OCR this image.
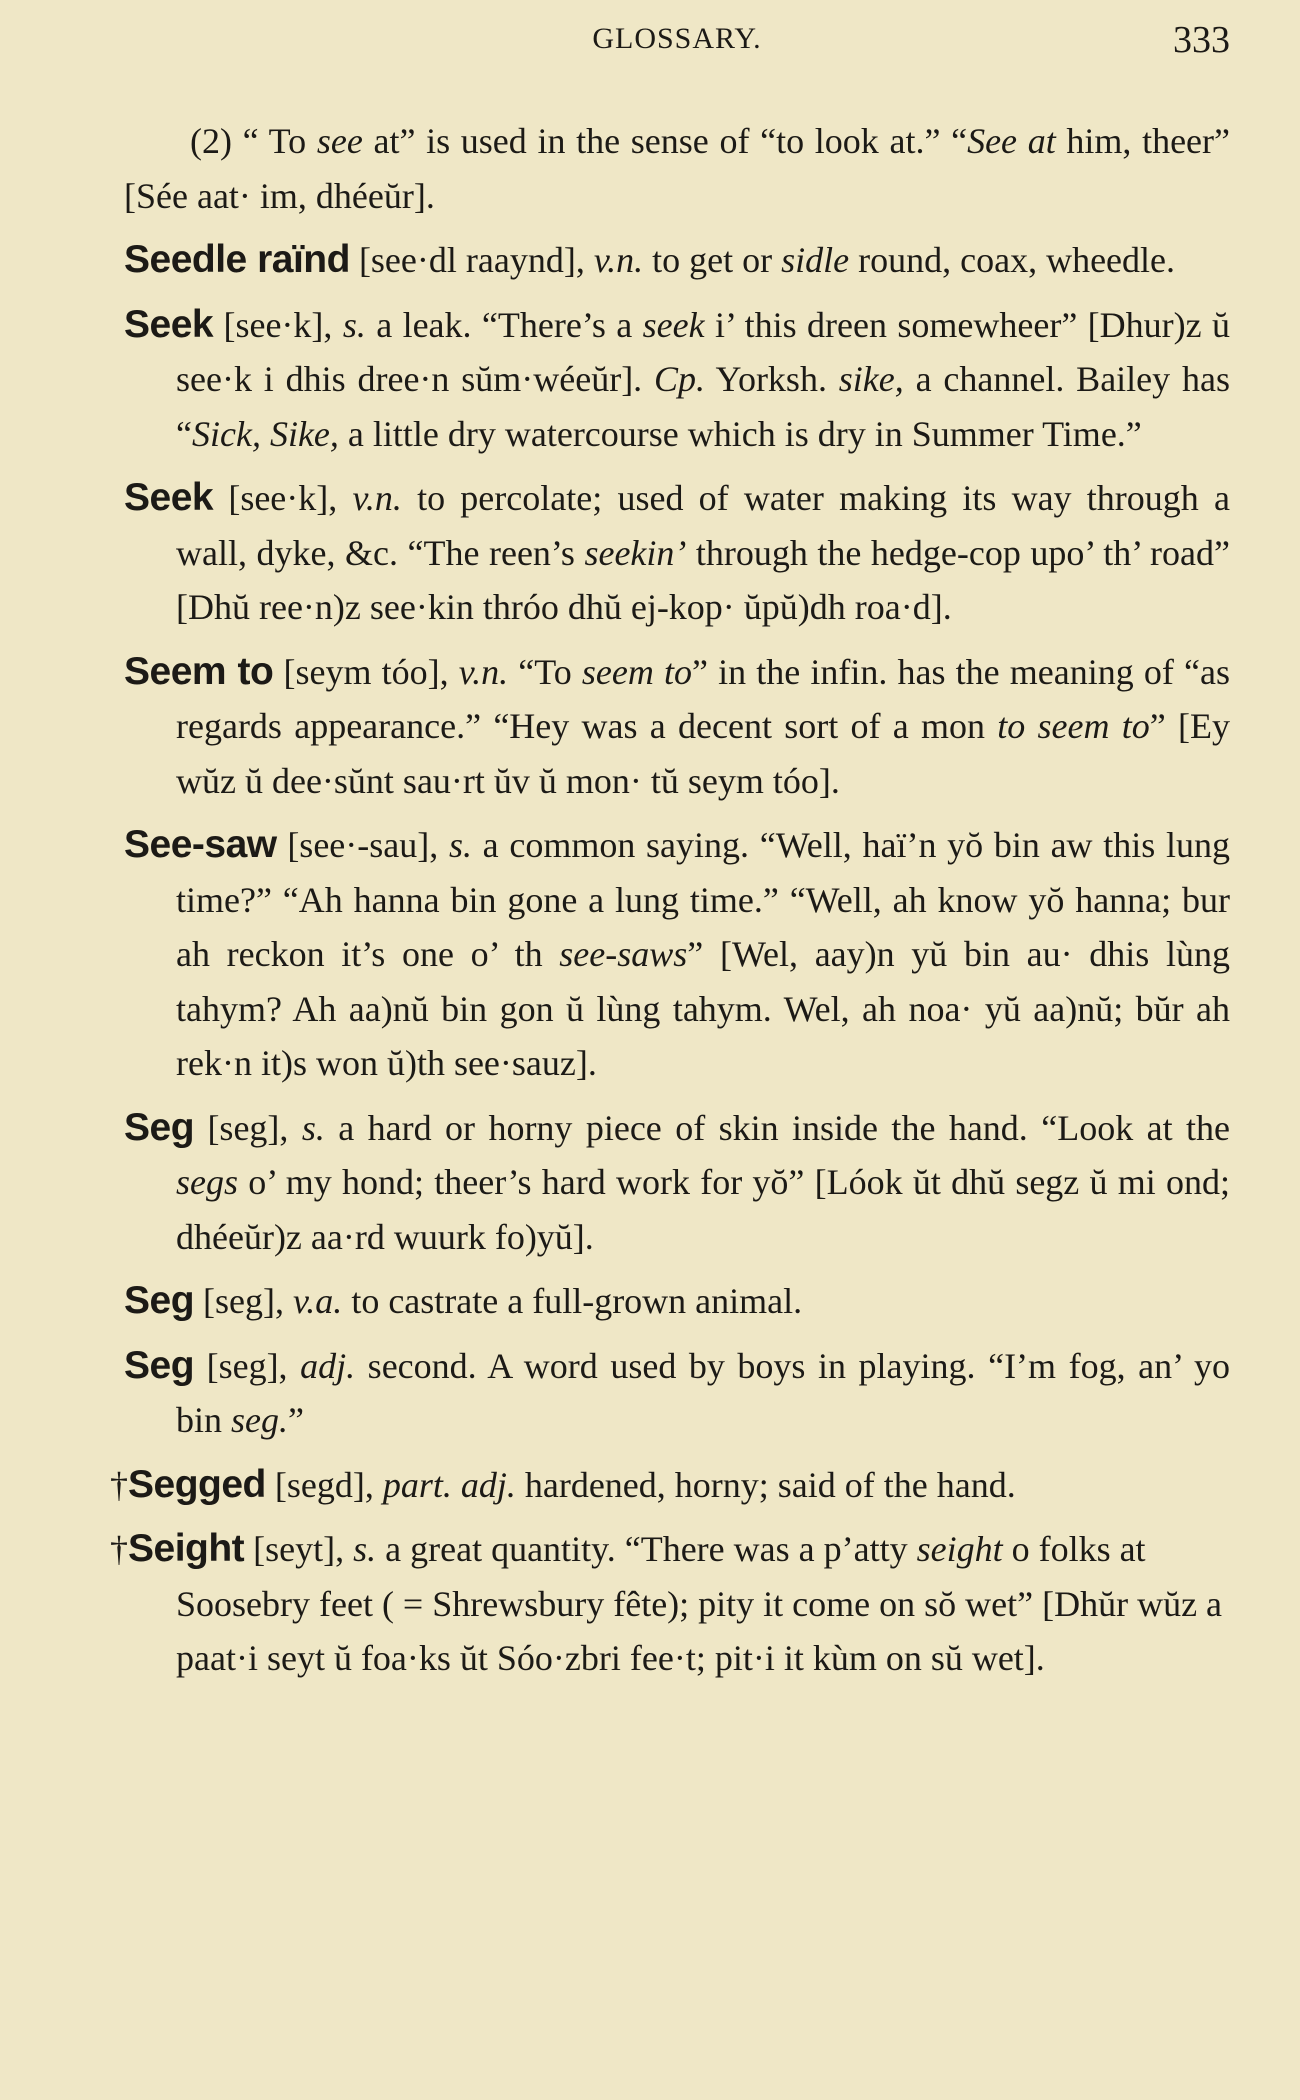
GLOSSARY.	333

(2) “ To see at” is used in the sense of “to look at.” “See at him, theer” [Sée aat· im, dhéeŭr].

Seedle raïnd [see·dl raaynd], v.n. to get or sidle round, coax, wheedle.

Seek [see·k], s. a leak. “There’s a seek i’ this dreen somewheer” [Dhur)z ŭ see·k i dhis dree·n sŭm·wéeŭr]. Cp. Yorksh. sike, a channel. Bailey has “Sick, Sike, a little dry watercourse which is dry in Summer Time.”

Seek [see·k], v.n. to percolate; used of water making its way through a wall, dyke, &c. “The reen’s seekin’ through the hedge-cop upo’ th’ road” [Dhŭ ree·n)z see·kin thróo dhŭ ej-kop· ŭpŭ)dh roa·d].

Seem to [seym tóo], v.n. “To seem to” in the infin. has the meaning of “as regards appearance.” “Hey was a decent sort of a mon to seem to” [Ey wŭz ŭ dee·sŭnt sau·rt ŭv ŭ mon· tŭ seym tóo].

See-saw [see·-sau], s. a common saying. “Well, haï’n yŏ bin aw this lung time?” “Ah hanna bin gone a lung time.” “Well, ah know yŏ hanna; bur ah reckon it’s one o’ th see-saws” [Wel, aay)n yŭ bin au· dhis lùng tahym? Ah aa)nŭ bin gon ŭ lùng tahym. Wel, ah noa· yŭ aa)nŭ; bŭr ah rek·n it)s won ŭ)th see·sauz].

Seg [seg], s. a hard or horny piece of skin inside the hand. “Look at the segs o’ my hond; theer’s hard work for yŏ” [Lóok ŭt dhŭ segz ŭ mi ond; dhéeŭr)z aa·rd wuurk fo)yŭ].

Seg [seg], v.a. to castrate a full-grown animal.

Seg [seg], adj. second. A word used by boys in playing. “I’m fog, an’ yo bin seg.”

†Segged [segd], part. adj. hardened, horny; said of the hand.

†Seight [seyt], s. a great quantity. “There was a p’atty seight o folks at Soosebry feet ( = Shrewsbury fête); pity it come on sŏ wet” [Dhŭr wŭz a paat·i seyt ŭ foa·ks ŭt Sóo·zbri fee·t; pit·i it kùm on sŭ wet].
